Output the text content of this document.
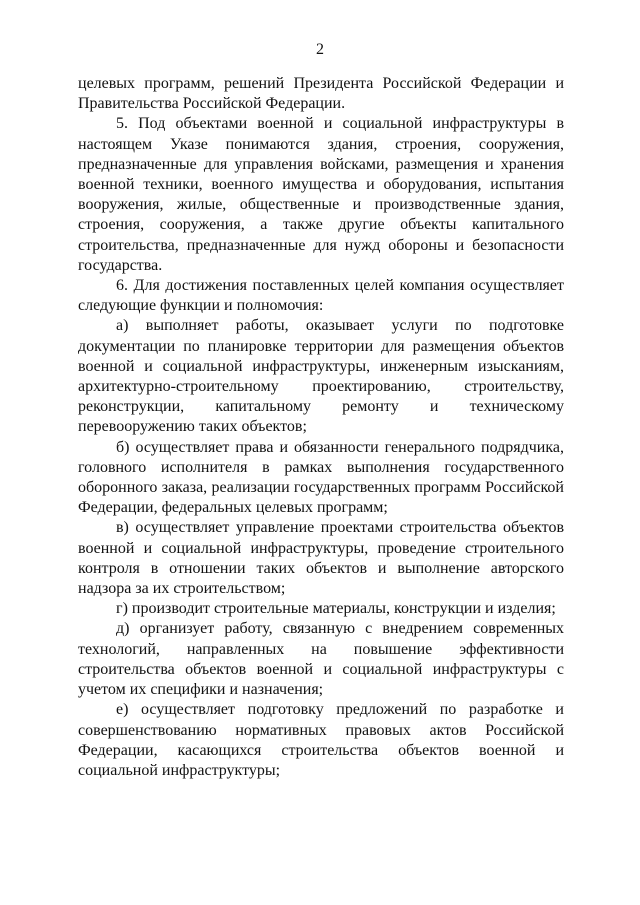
2

целевых программ, решений Президента Российской Федерации и Правительства Российской Федерации.

5. Под объектами военной и социальной инфраструктуры в настоящем Указе понимаются здания, строения, сооружения, предназначенные для управления войсками, размещения и хранения военной техники, военного имущества и оборудования, испытания вооружения, жилые, общественные и производственные здания, строения, сооружения, а также другие объекты капитального строительства, предназначенные для нужд обороны и безопасности государства.

6. Для достижения поставленных целей компания осуществляет следующие функции и полномочия:

а) выполняет работы, оказывает услуги по подготовке документации по планировке территории для размещения объектов военной и социальной инфраструктуры, инженерным изысканиям, архитектурно-строительному проектированию, строительству, реконструкции, капитальному ремонту и техническому перевооружению таких объектов;

б) осуществляет права и обязанности генерального подрядчика, головного исполнителя в рамках выполнения государственного оборонного заказа, реализации государственных программ Российской Федерации, федеральных целевых программ;

в) осуществляет управление проектами строительства объектов военной и социальной инфраструктуры, проведение строительного контроля в отношении таких объектов и выполнение авторского надзора за их строительством;

г) производит строительные материалы, конструкции и изделия;

д) организует работу, связанную с внедрением современных технологий, направленных на повышение эффективности строительства объектов военной и социальной инфраструктуры с учетом их специфики и назначения;

е) осуществляет подготовку предложений по разработке и совершенствованию нормативных правовых актов Российской Федерации, касающихся строительства объектов военной и социальной инфраструктуры;
